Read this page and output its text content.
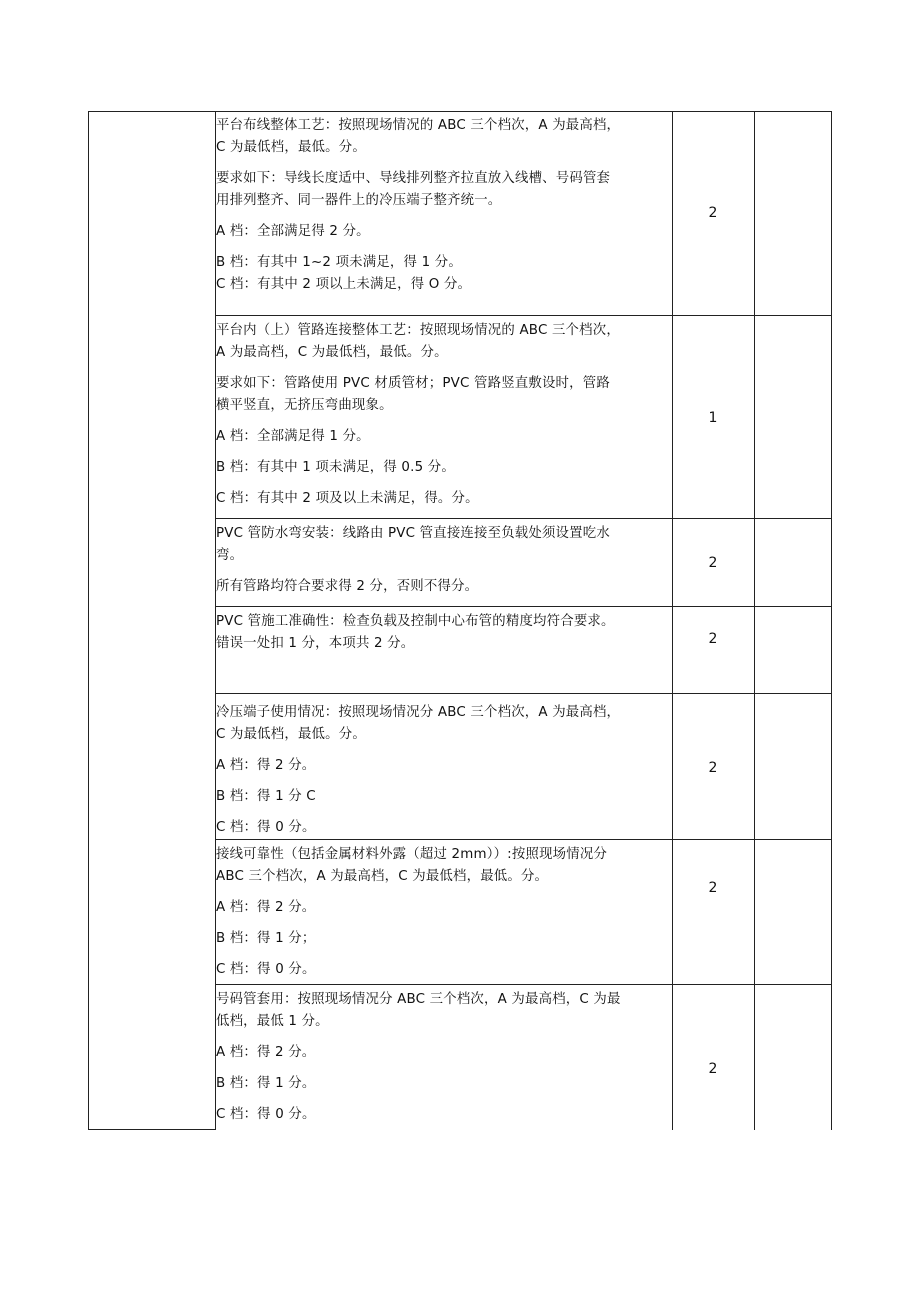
平台布线整体工艺：按照现场情况的 ABC 三个档次，A 为最高档，

C 为最低档，最低。分。

要求如下：导线长度适中、导线排列整齐拉直放入线槽、号码管套

用排列整齐、同一器件上的冷压端子整齐统一。

A 档：全部满足得 2 分。

B 档：有其中 1~2 项未满足，得 1 分。

C 档：有其中 2 项以上未满足，得 O 分。

2

平台内（上）管路连接整体工艺：按照现场情况的 ABC 三个档次，

A 为最高档，C 为最低档，最低。分。

要求如下：管路使用 PVC 材质管材；PVC 管路竖直敷设时，管路

横平竖直，无挤压弯曲现象。

A 档：全部满足得 1 分。

B 档：有其中 1 项未满足，得 0.5 分。

C 档：有其中 2 项及以上未满足，得。分。

1

PVC 管防水弯安装：线路由 PVC 管直接连接至负载处须设置吃水

弯。

所有管路均符合要求得 2 分，否则不得分。

2

PVC 管施工准确性：检查负载及控制中心布管的精度均符合要求。

错误一处扣 1 分，本项共 2 分。	2

冷压端子使用情况：按照现场情况分 ABC 三个档次，A 为最高档，

C 为最低档，最低。分。

A 档：得 2 分。

B 档：得 1 分 C

C 档：得 0 分。

2

接线可靠性（包括金属材料外露（超过 2mm））:按照现场情况分

ABC 三个档次，A 为最高档，C 为最低档，最低。分。

A 档：得 2 分。

B 档：得 1 分；

C 档：得 0 分。

2

号码管套用：按照现场情况分 ABC 三个档次，A 为最高档，C 为最

低档，最低 1 分。

A 档：得 2 分。

B 档：得 1 分。

C 档：得 0 分。

2
